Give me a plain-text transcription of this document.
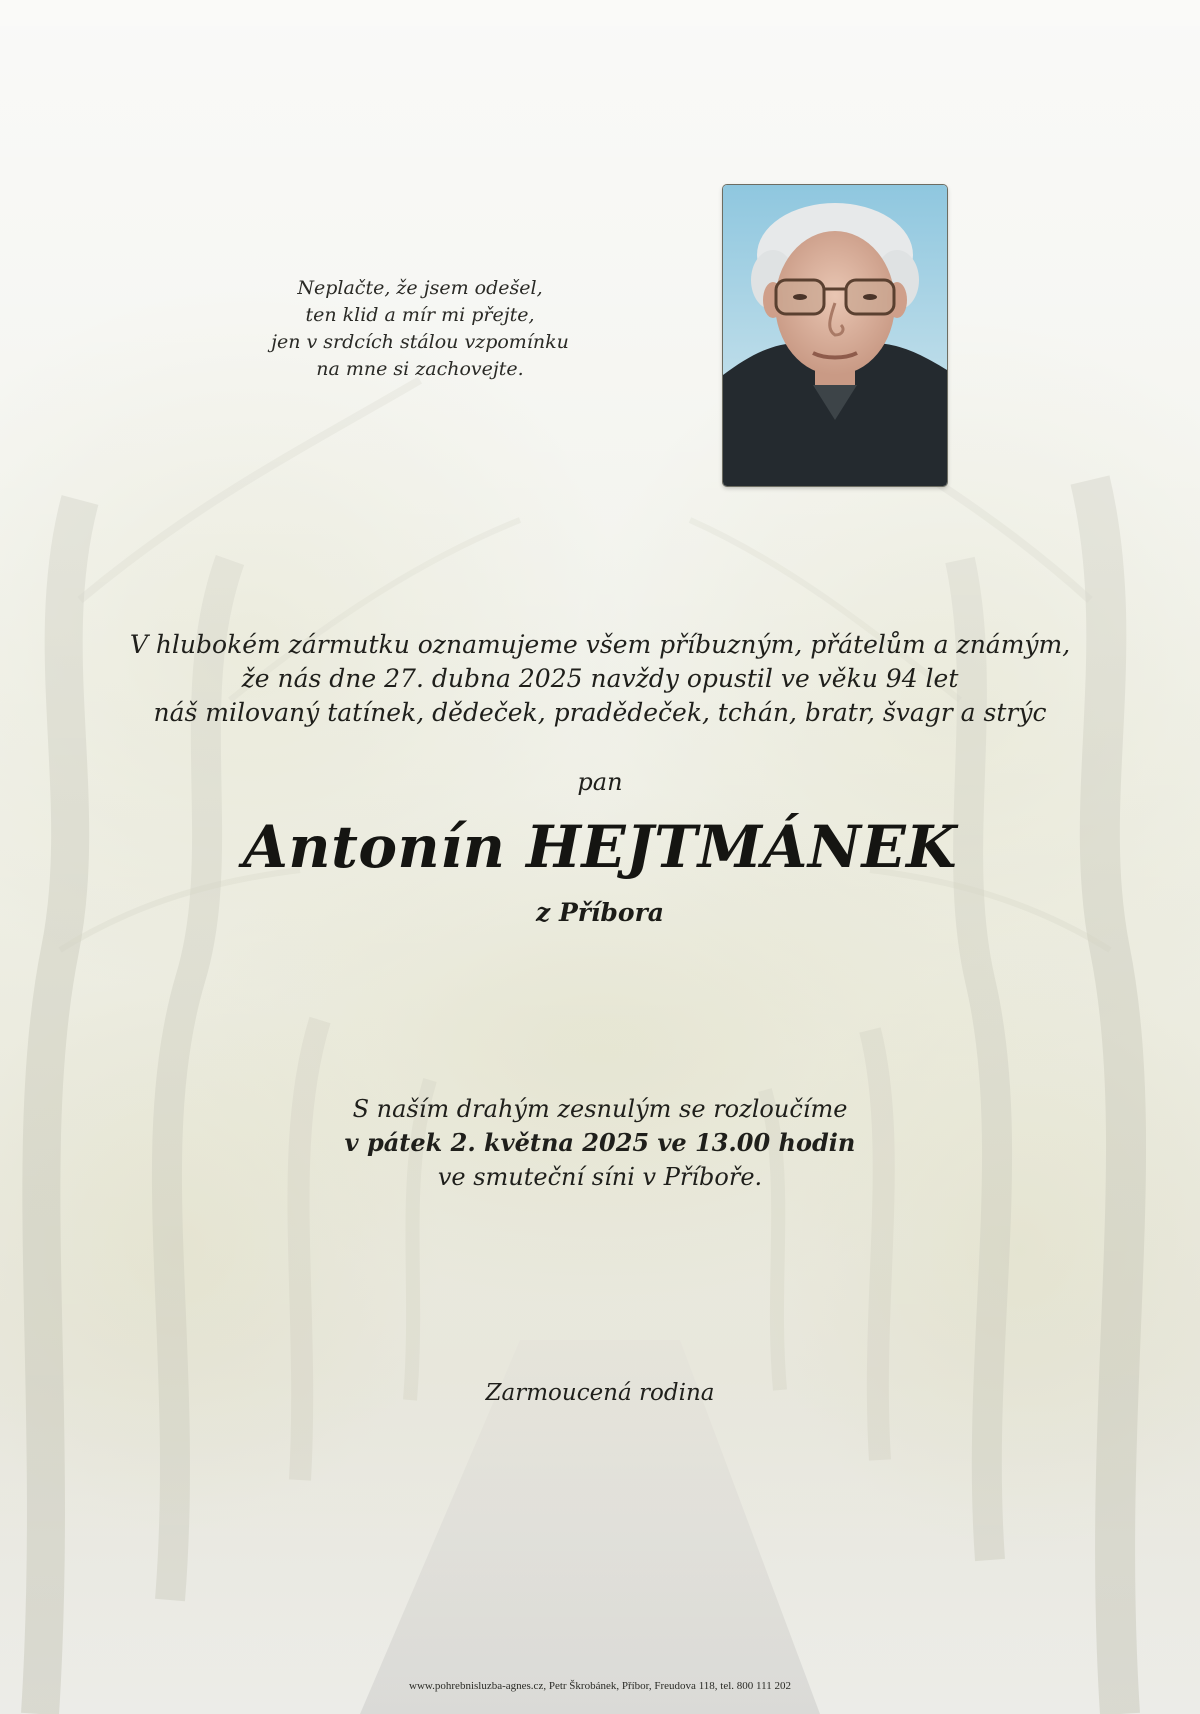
Neplačte, že jsem odešel,
ten klid a mír mi přejte,
jen v srdcích stálou vzpomínku
na mne si zachovejte.
V hlubokém zármutku oznamujeme všem příbuzným, přátelům a známým,
že nás dne 27. dubna 2025 navždy opustil ve věku 94 let
náš milovaný tatínek, dědeček, pradědeček, tchán, bratr, švagr a strýc
pan
Antonín HEJTMÁNEK
z Příbora
S naším drahým zesnulým se rozloučíme
v pátek 2. května 2025 ve 13.00 hodin
ve smuteční síni v Příboře.
Zarmoucená rodina
www.pohrebnisluzba-agnes.cz, Petr Škrobánek, Příbor, Freudova 118, tel. 800 111 202
